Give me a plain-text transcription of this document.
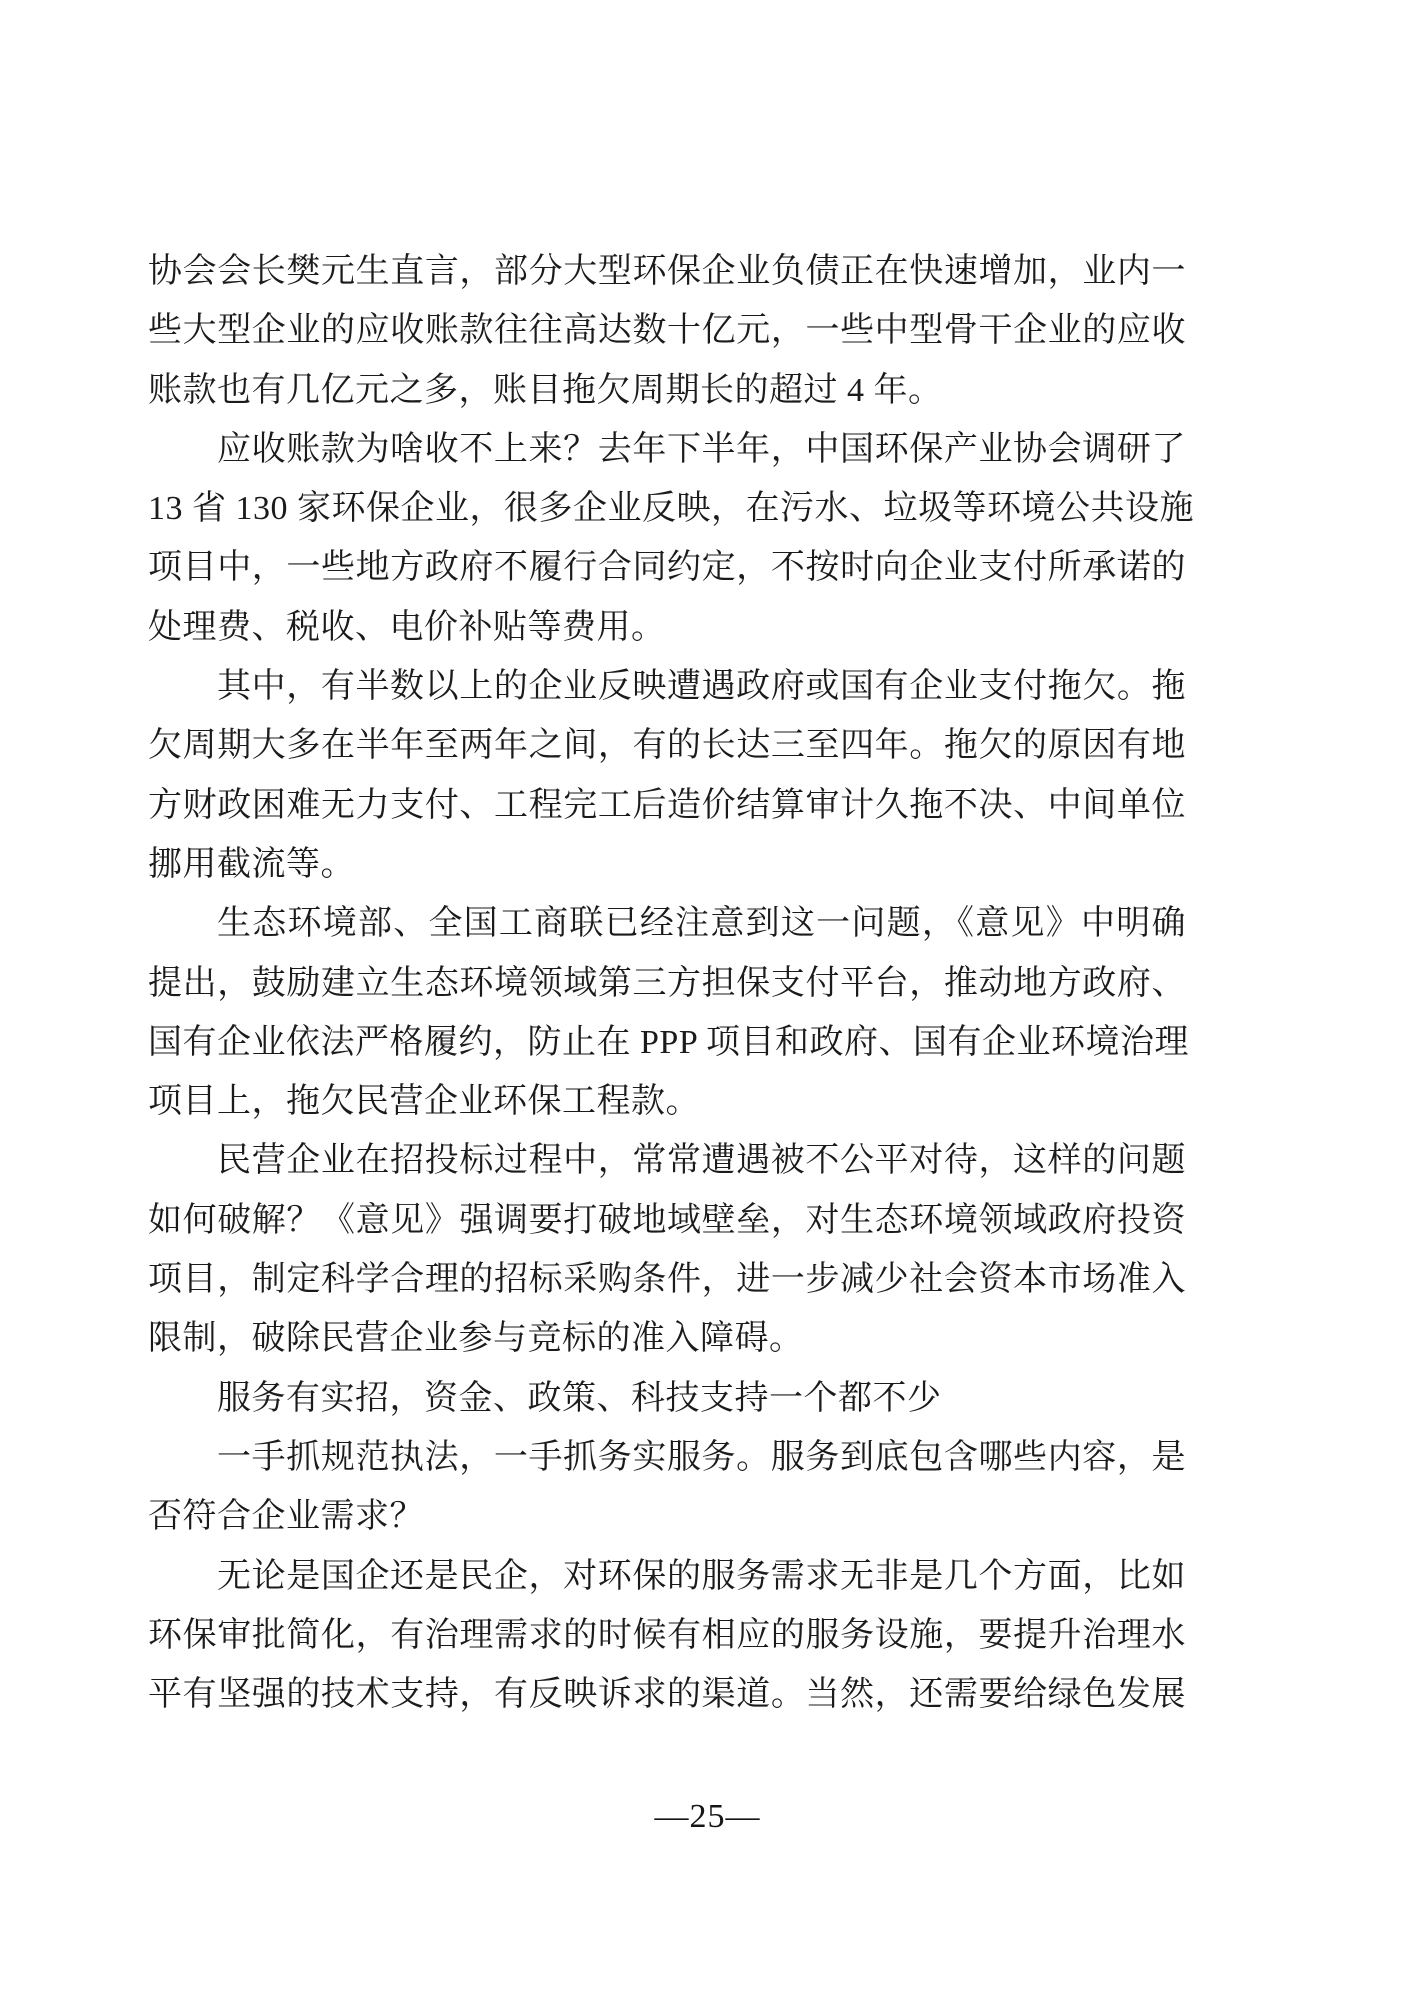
协会会长樊元生直言，部分大型环保企业负债正在快速增加，业内一
些大型企业的应收账款往往高达数十亿元，一些中型骨干企业的应收
账款也有几亿元之多，账目拖欠周期长的超过 4 年。
应收账款为啥收不上来？去年下半年，中国环保产业协会调研了
13 省 130 家环保企业，很多企业反映，在污水、垃圾等环境公共设施
项目中，一些地方政府不履行合同约定，不按时向企业支付所承诺的
处理费、税收、电价补贴等费用。
其中，有半数以上的企业反映遭遇政府或国有企业支付拖欠。拖
欠周期大多在半年至两年之间，有的长达三至四年。拖欠的原因有地
方财政困难无力支付、工程完工后造价结算审计久拖不决、中间单位
挪用截流等。
生态环境部、全国工商联已经注意到这一问题，《意见》中明确
提出，鼓励建立生态环境领域第三方担保支付平台，推动地方政府、
国有企业依法严格履约，防止在 PPP 项目和政府、国有企业环境治理
项目上，拖欠民营企业环保工程款。
民营企业在招投标过程中，常常遭遇被不公平对待，这样的问题
如何破解？《意见》强调要打破地域壁垒，对生态环境领域政府投资
项目，制定科学合理的招标采购条件，进一步减少社会资本市场准入
限制，破除民营企业参与竞标的准入障碍。
服务有实招，资金、政策、科技支持一个都不少
一手抓规范执法，一手抓务实服务。服务到底包含哪些内容，是
否符合企业需求？
无论是国企还是民企，对环保的服务需求无非是几个方面，比如
环保审批简化，有治理需求的时候有相应的服务设施，要提升治理水
平有坚强的技术支持，有反映诉求的渠道。当然，还需要给绿色发展
—25—
